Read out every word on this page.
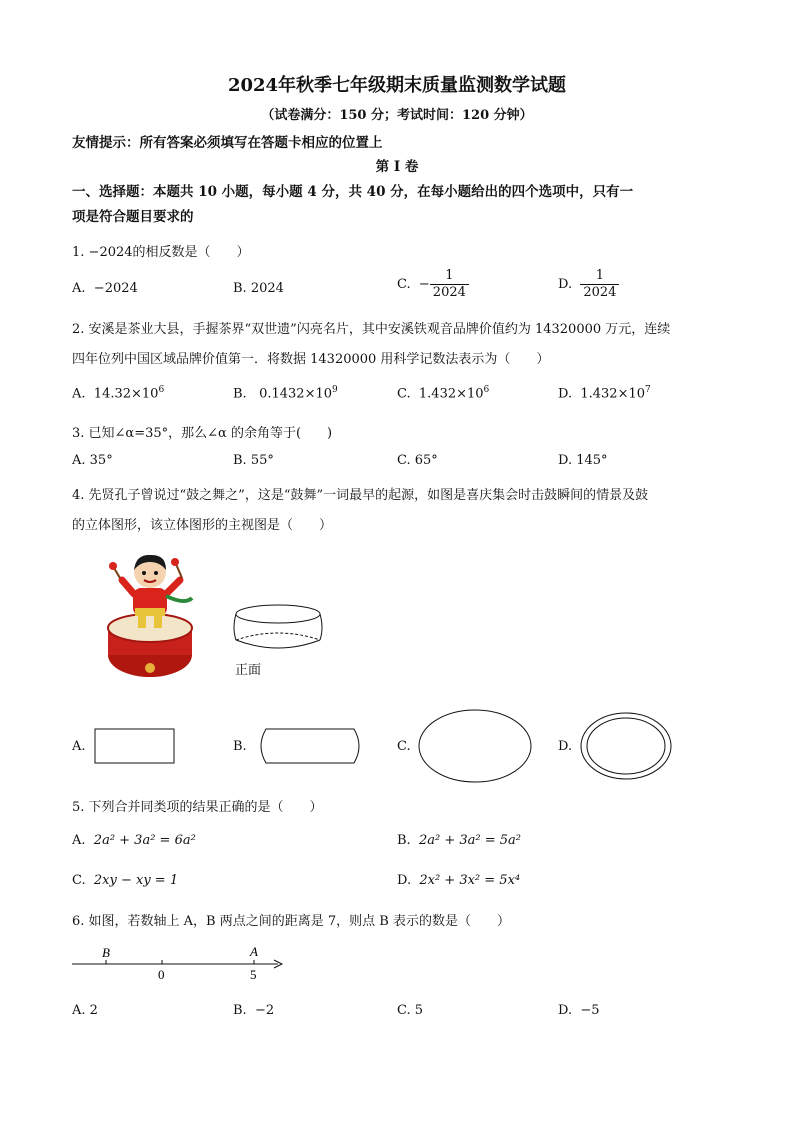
2024年秋季七年级期末质量监测数学试题
（试卷满分：150 分；考试时间：120 分钟）
友情提示：所有答案必须填写在答题卡相应的位置上
第 I 卷
一、选择题：本题共 10 小题，每小题 4 分，共 40 分，在每小题给出的四个选项中，只有一
项是符合题目要求的
1. −2024的相反数是（　　）
A. −2024	B. 2024	C. − $\frac{1}{2024}$	D. $\frac{1}{2024}$
2. 安溪是茶业大县，手握茶界“双世遗”闪亮名片，其中安溪铁观音品牌价值约为 14320000 万元，连续
四年位列中国区域品牌价值第一．将数据 14320000 用科学记数法表示为（　　）
A. $14.32\times 10^6$	B. $0.1432\times 10^9$	C. $1.432\times 10^6$	D. $1.432\times 10^7$
3. 已知∠α=35°，那么∠α 的余角等于(　　)
A. 35°	B. 55°	C. 65°	D. 145°
4. 先贤孔子曾说过“鼓之舞之”，这是“鼓舞”一词最早的起源，如图是喜庆集会时击鼓瞬间的情景及鼓
的立体图形，该立体图形的主视图是（　　）
正面
A.	B.	C.	D.
5. 下列合并同类项的结果正确的是（　　）
A. 2a² + 3a² = 6a²	B. 2a² + 3a² = 5a²
C. 2xy − xy = 1	D. 2x² + 3x² = 5x⁴
6. 如图，若数轴上 A，B 两点之间的距离是 7，则点 B 表示的数是（　　）
B	A
0	5
A. 2	B. −2	C. 5	D. −5
